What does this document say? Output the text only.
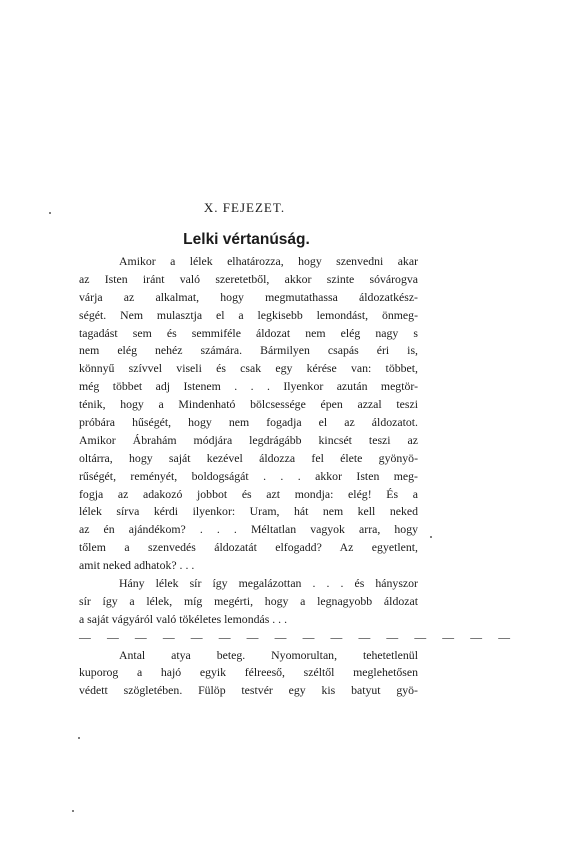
X. FEJEZET.
Lelki vértanúság.
Amikor a lélek elhatározza, hogy szenvedni akar
az Isten iránt való szeretetből, akkor szinte sóvárogva
várja az alkalmat, hogy megmutathassa áldozatkész-
ségét. Nem mulasztja el a legkisebb lemondást, önmeg-
tagadást sem és semmiféle áldozat nem elég nagy s
nem elég nehéz számára. Bármilyen csapás éri is,
könnyű szívvel viseli és csak egy kérése van: többet,
még többet adj Istenem . . . Ilyenkor azután megtör-
ténik, hogy a Mindenható bölcsessége épen azzal teszi
próbára hűségét, hogy nem fogadja el az áldozatot.
Amikor Ábrahám módjára legdrágább kincsét teszi az
oltárra, hogy saját kezével áldozza fel élete gyönyö-
rűségét, reményét, boldogságát . . . akkor Isten meg-
fogja az adakozó jobbot és azt mondja: elég! És a
lélek sírva kérdi ilyenkor: Uram, hát nem kell neked
az én ajándékom? . . . Méltatlan vagyok arra, hogy
tőlem a szenvedés áldozatát elfogadd? Az egyetlent,
amit neked adhatok? . . .
Hány lélek sír így megalázottan . . . és hányszor
sír így a lélek, míg megérti, hogy a legnagyobb áldozat
a saját vágyáról való tökéletes lemondás . . .
— — — — — — — — — — — — — — — —
Antal atya beteg. Nyomorultan, tehetetlenül
kuporog a hajó egyik félreeső, széltől meglehetősen
védett szögletében. Fülöp testvér egy kis batyut gyö-
